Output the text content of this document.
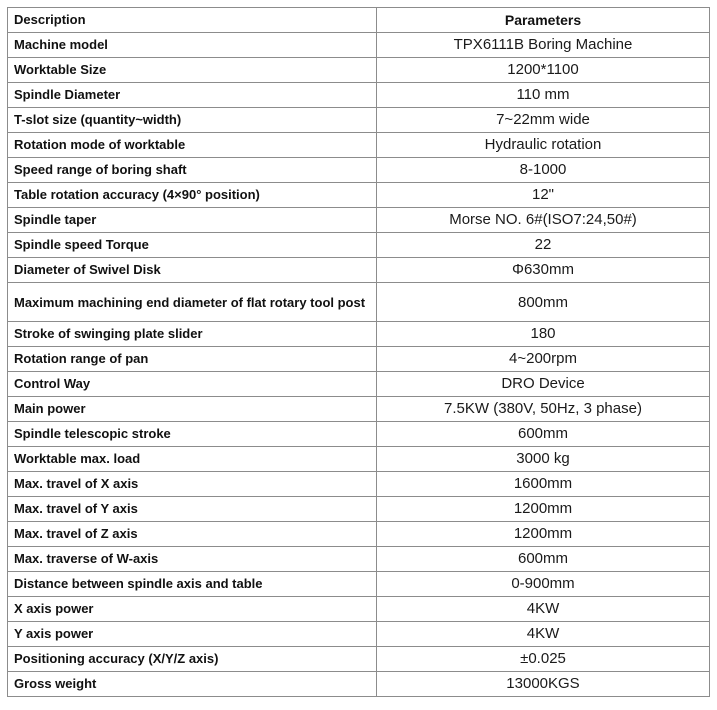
Description	Parameters
Machine model	TPX6111B Boring Machine
Worktable Size	1200*1100
Spindle Diameter	110 mm
T-slot size (quantity~width)	7~22mm wide
Rotation mode of worktable	Hydraulic rotation
Speed range of boring shaft	8-1000
Table rotation accuracy (4×90° position)	12"
Spindle taper	Morse NO. 6#(ISO7:24,50#)
Spindle speed Torque	22
Diameter of Swivel Disk	Φ630mm
Maximum machining end diameter of flat rotary tool post	800mm
Stroke of swinging plate slider	180
Rotation range of pan	4~200rpm
Control Way	DRO Device
Main power	7.5KW (380V, 50Hz, 3 phase)
Spindle telescopic stroke	600mm
Worktable max. load	3000 kg
Max. travel of X axis	1600mm
Max. travel of Y axis	1200mm
Max. travel of Z axis	1200mm
Max. traverse of W-axis	600mm
Distance between spindle axis and table	0-900mm
X axis power	4KW
Y axis power	4KW
Positioning accuracy (X/Y/Z axis)	±0.025
Gross weight	13000KGS
